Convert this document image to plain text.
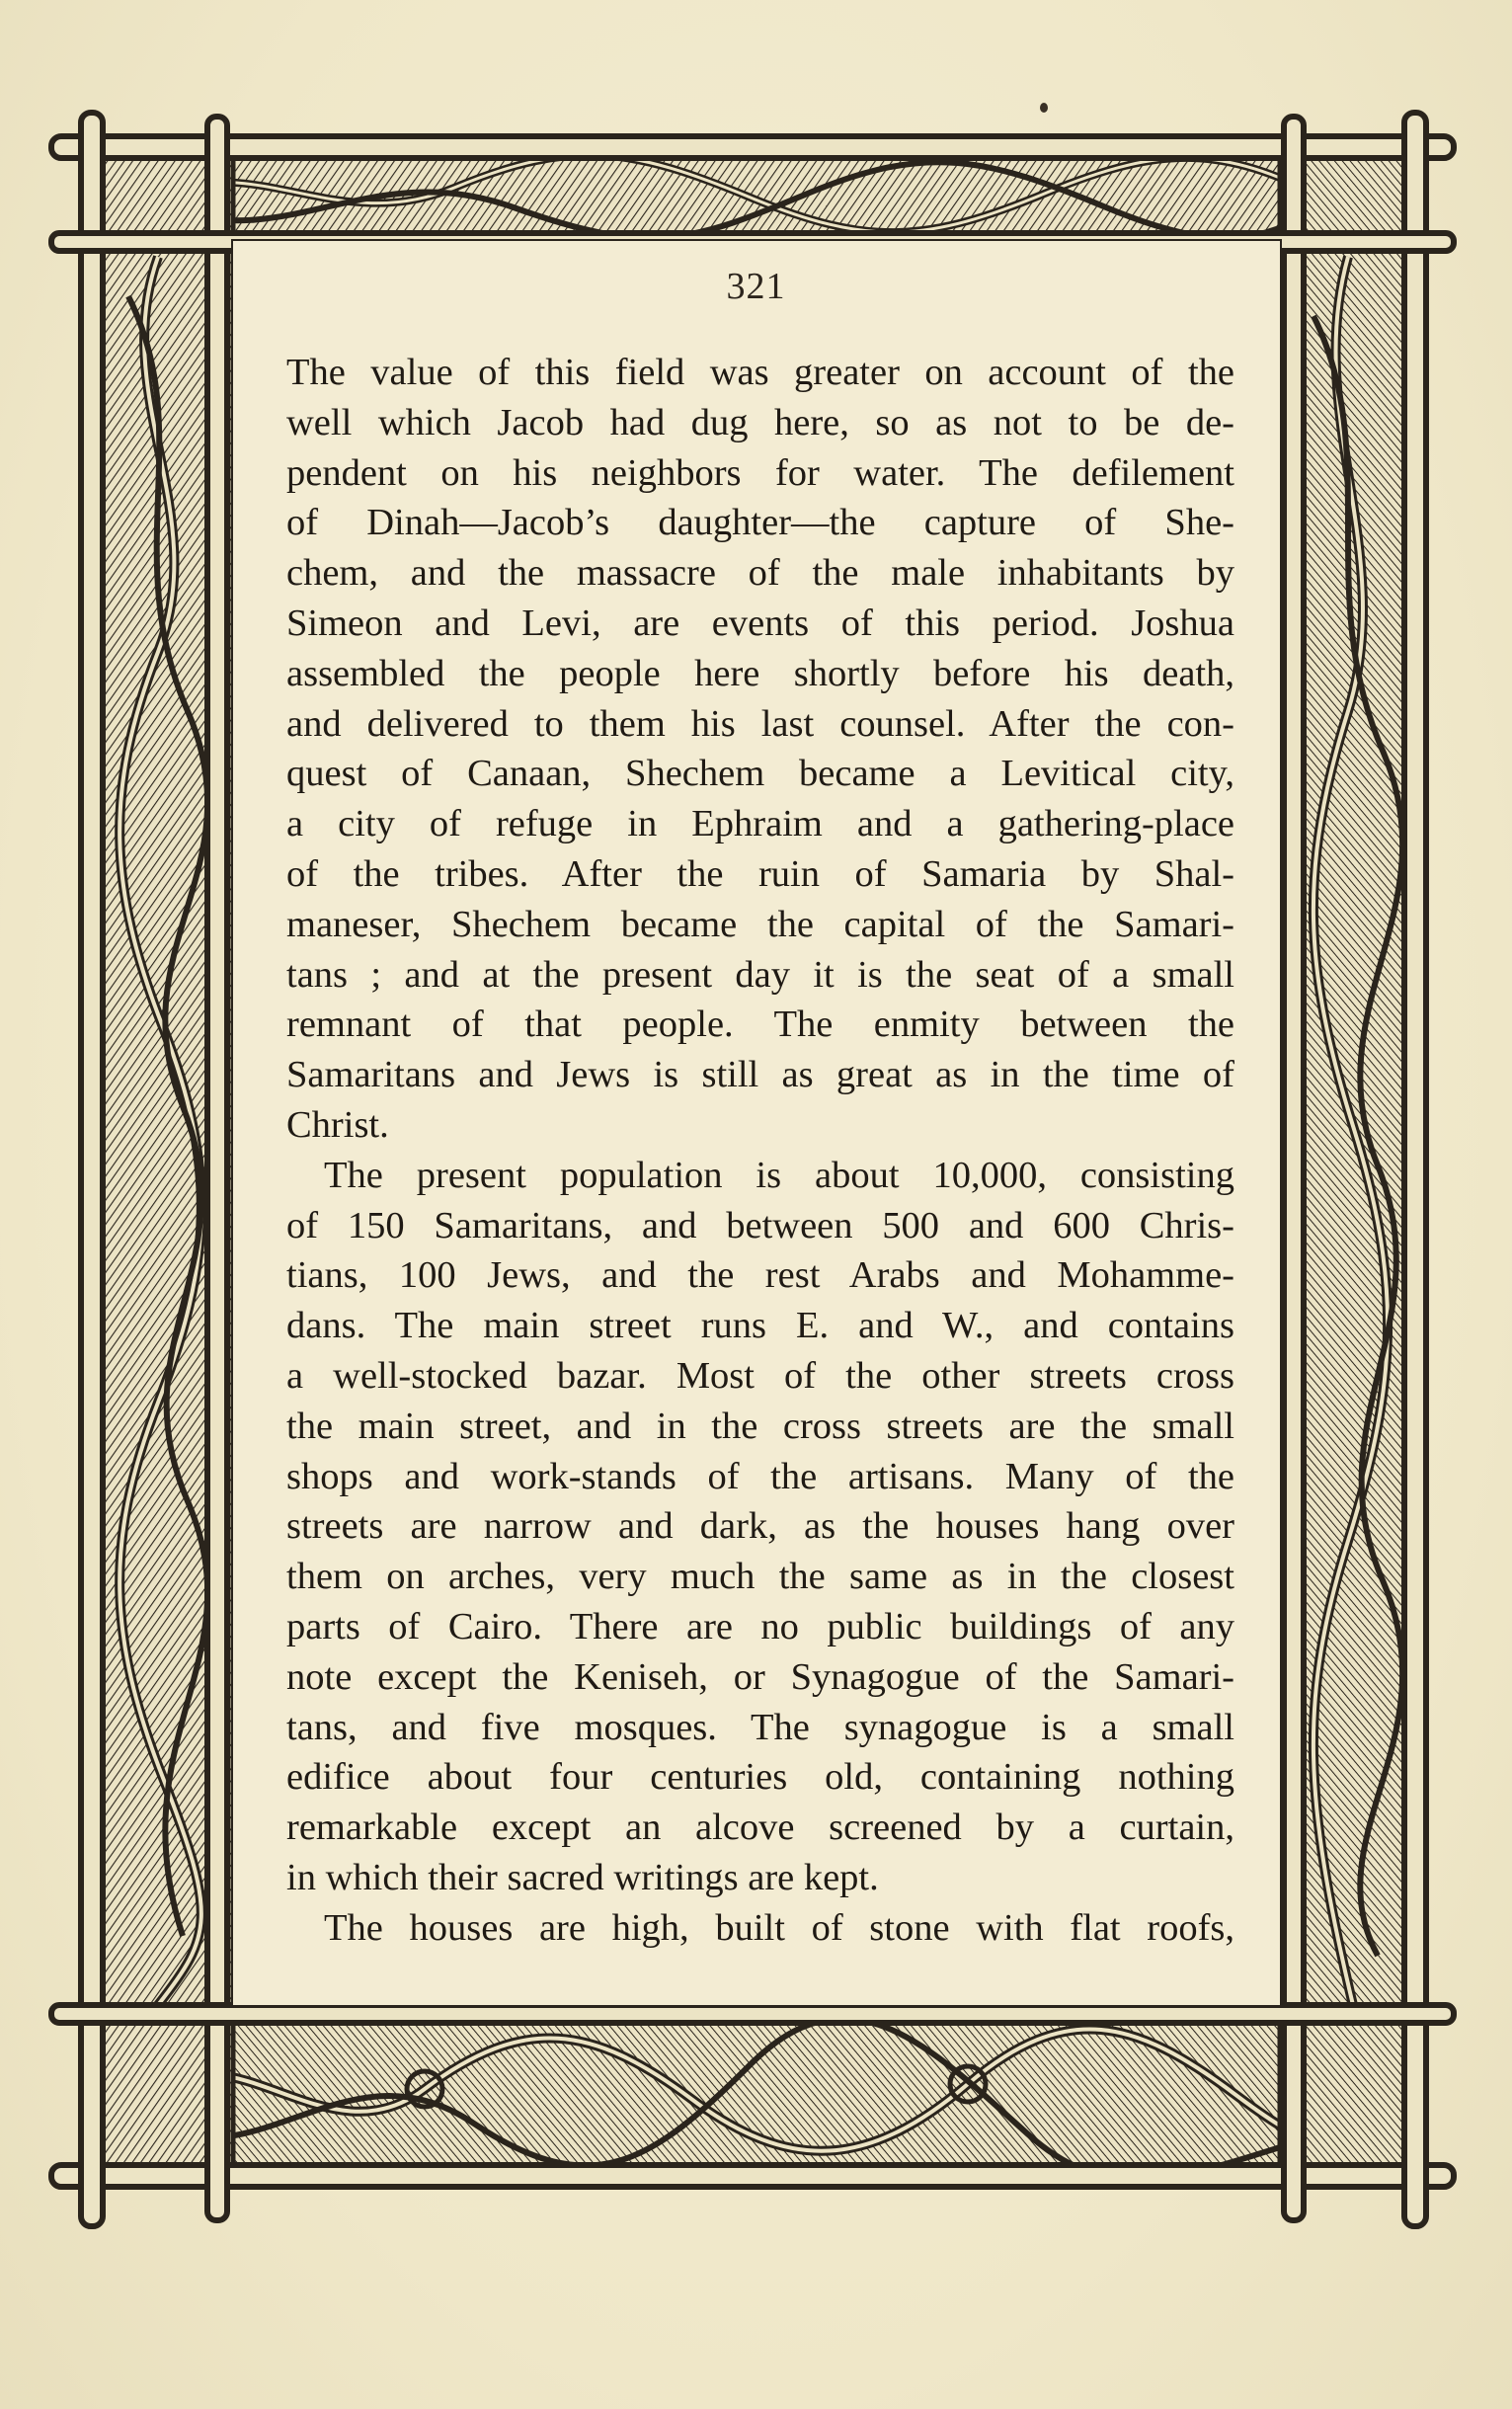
321
The value of this field was greater on account of the
well which Jacob had dug here, so as not to be de-
pendent on his neighbors for water. The defilement
of Dinah—Jacob’s daughter—the capture of She-
chem, and the massacre of the male inhabitants by
Simeon and Levi, are events of this period. Joshua
assembled the people here shortly before his death,
and delivered to them his last counsel. After the con-
quest of Canaan, Shechem became a Levitical city,
a city of refuge in Ephraim and a gathering-place
of the tribes. After the ruin of Samaria by Shal-
maneser, Shechem became the capital of the Samari-
tans ; and at the present day it is the seat of a small
remnant of that people. The enmity between the
Samaritans and Jews is still as great as in the time of
Christ.
The present population is about 10,000, consisting
of 150 Samaritans, and between 500 and 600 Chris-
tians, 100 Jews, and the rest Arabs and Mohamme-
dans. The main street runs E. and W., and contains
a well-stocked bazar. Most of the other streets cross
the main street, and in the cross streets are the small
shops and work-stands of the artisans. Many of the
streets are narrow and dark, as the houses hang over
them on arches, very much the same as in the closest
parts of Cairo. There are no public buildings of any
note except the Keniseh, or Synagogue of the Samari-
tans, and five mosques. The synagogue is a small
edifice about four centuries old, containing nothing
remarkable except an alcove screened by a curtain,
in which their sacred writings are kept.
The houses are high, built of stone with flat roofs,
